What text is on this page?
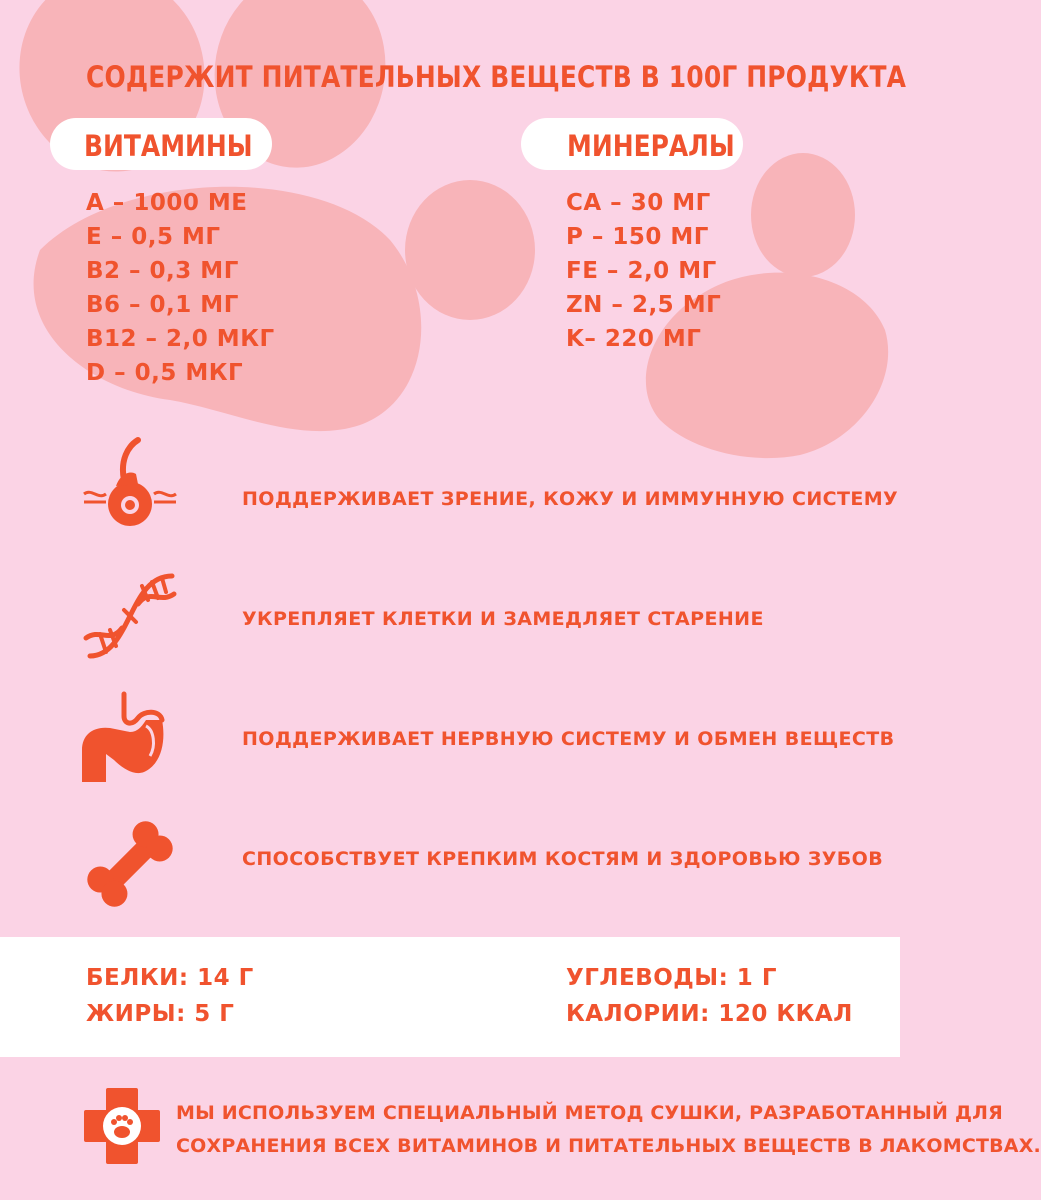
СОДЕРЖИТ ПИТАТЕЛЬНЫХ ВЕЩЕСТВ В 100Г ПРОДУКТА
ВИТАМИНЫ	МИНЕРАЛЫ
A – 1000 МЕ
E – 0,5 МГ
B2 – 0,3 МГ
B6 – 0,1 МГ
B12 – 2,0 МКГ
D – 0,5 МКГ
CA – 30 МГ
P – 150 МГ
FE – 2,0 МГ
ZN – 2,5 МГ
K– 220 МГ
ПОДДЕРЖИВАЕТ ЗРЕНИЕ, КОЖУ И ИММУННУЮ СИСТЕМУ
УКРЕПЛЯЕТ КЛЕТКИ И ЗАМЕДЛЯЕТ СТАРЕНИЕ
ПОДДЕРЖИВАЕТ НЕРВНУЮ СИСТЕМУ И ОБМЕН ВЕЩЕСТВ
СПОСОБСТВУЕТ КРЕПКИМ КОСТЯМ И ЗДОРОВЬЮ ЗУБОВ
БЕЛКИ: 14 Г
ЖИРЫ: 5 Г
УГЛЕВОДЫ: 1 Г
КАЛОРИИ: 120 ККАЛ
МЫ ИСПОЛЬЗУЕМ СПЕЦИАЛЬНЫЙ МЕТОД СУШКИ, РАЗРАБОТАННЫЙ ДЛЯ
СОХРАНЕНИЯ ВСЕХ ВИТАМИНОВ И ПИТАТЕЛЬНЫХ ВЕЩЕСТВ В ЛАКОМСТВАХ.
